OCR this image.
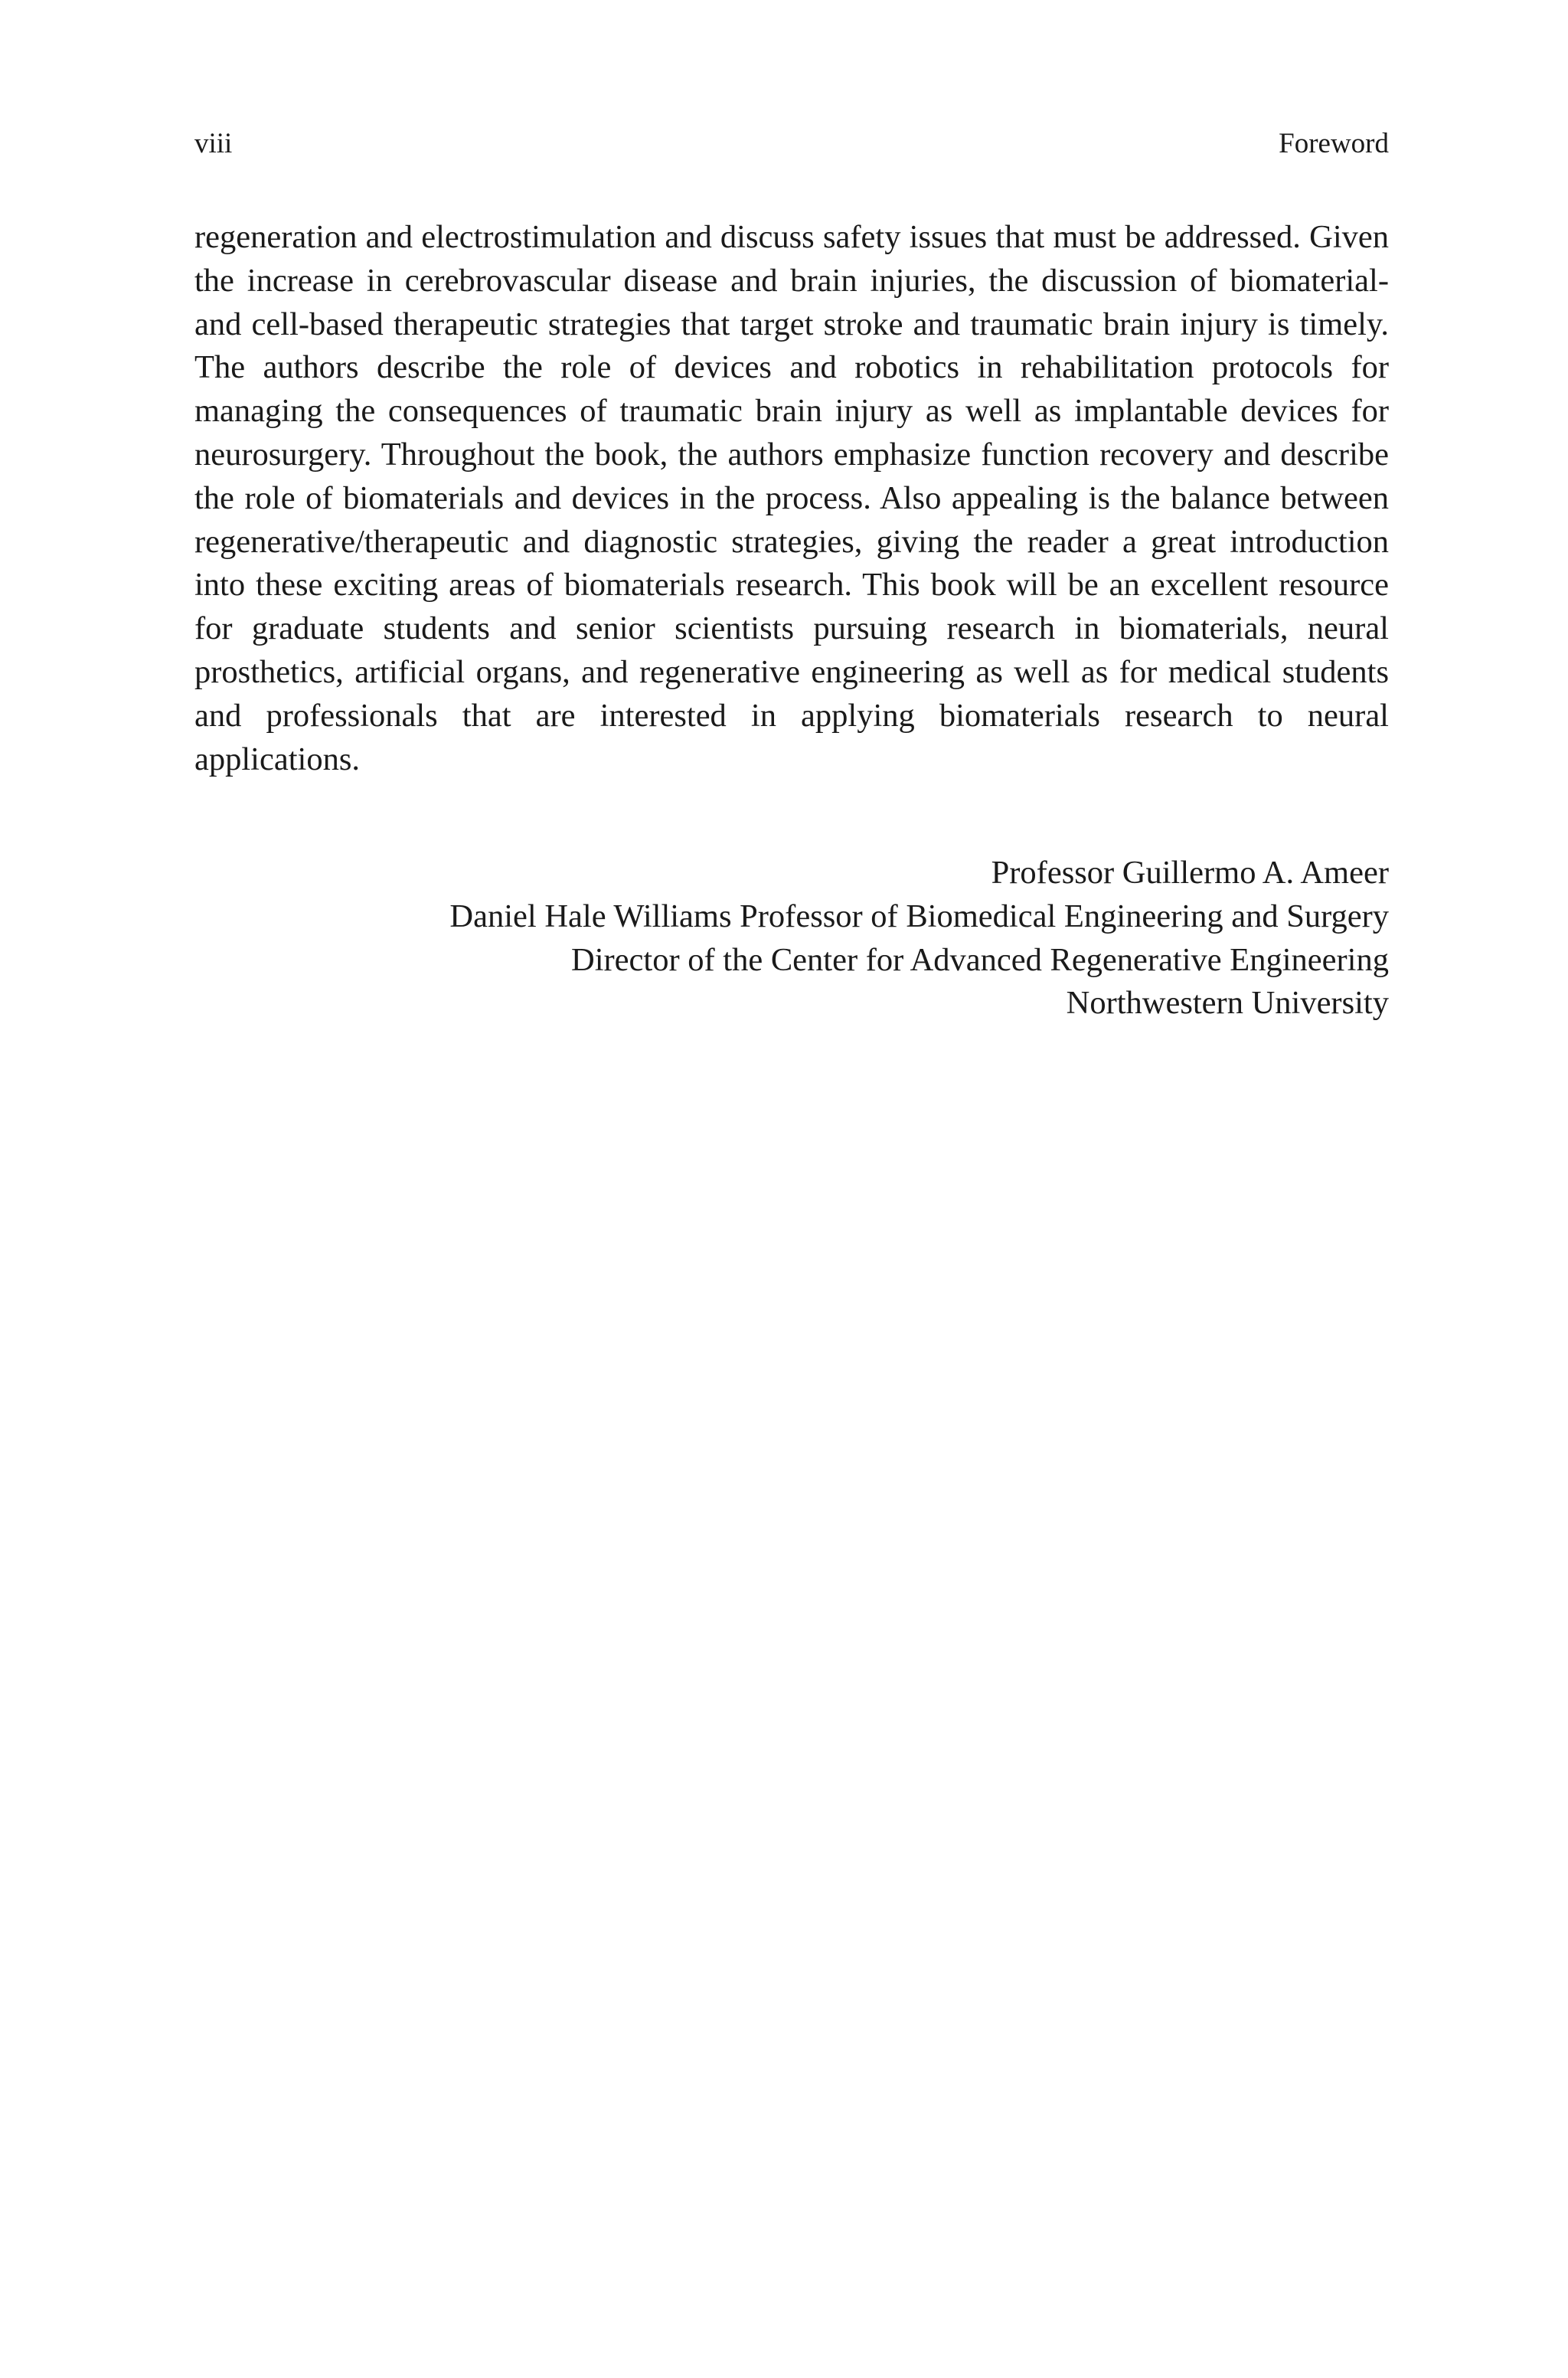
viii	Foreword

regeneration and electrostimulation and discuss safety issues that must be addressed. Given the increase in cerebrovascular disease and brain injuries, the discussion of biomaterial- and cell-based therapeutic strategies that target stroke and traumatic brain injury is timely. The authors describe the role of devices and robotics in rehabilitation protocols for managing the consequences of traumatic brain injury as well as implantable devices for neurosurgery. Throughout the book, the authors emphasize function recovery and describe the role of biomaterials and devices in the process. Also appealing is the balance between regenerative/therapeutic and diagnostic strategies, giving the reader a great introduction into these exciting areas of biomaterials research. This book will be an excellent resource for graduate students and senior scientists pursuing research in biomaterials, neural prosthetics, artificial organs, and regenerative engineering as well as for medical students and professionals that are interested in applying biomaterials research to neural applications.

Professor Guillermo A. Ameer
Daniel Hale Williams Professor of Biomedical Engineering and Surgery
Director of the Center for Advanced Regenerative Engineering
Northwestern University
